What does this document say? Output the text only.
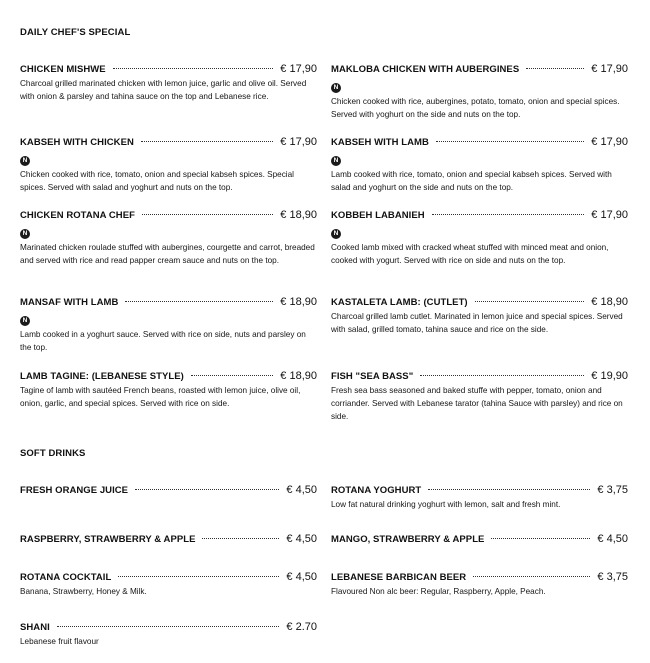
DAILY CHEF'S SPECIAL
CHICKEN MISHWE	€ 17,90
Charcoal grilled marinated chicken with lemon juice, garlic and olive oil. Served with onion & parsley and tahina sauce on the top and Lebanese rice.
KABSEH WITH CHICKEN	€ 17,90
N
Chicken cooked with rice, tomato, onion and special kabseh spices. Special spices. Served with salad and yoghurt and nuts on the top.
CHICKEN ROTANA CHEF	€ 18,90
N
Marinated chicken roulade stuffed with aubergines, courgette and carrot, breaded and served with rice and read papper cream sauce and nuts on the top.
MANSAF WITH LAMB	€ 18,90
N
Lamb cooked in a yoghurt sauce. Served with rice on side, nuts and parsley on the top.
LAMB TAGINE: (LEBANESE STYLE)	€ 18,90
Tagine of lamb with sautéed French beans, roasted with lemon juice, olive oil, onion, garlic, and special spices. Served with rice on side.
MAKLOBA CHICKEN WITH AUBERGINES	€ 17,90
N
Chicken cooked with rice, aubergines, potato, tomato, onion and special spices. Served with yoghurt on the side and nuts on the top.
KABSEH WITH LAMB	€ 17,90
N
Lamb cooked with rice, tomato, onion and special kabseh spices. Served with salad and yoghurt on the side and nuts on the top.
KOBBEH LABANIEH	€ 17,90
N
Cooked lamb mixed with cracked wheat stuffed with minced meat and onion, cooked with yogurt. Served with rice on side and nuts on the top.
KASTALETA LAMB: (CUTLET)	€ 18,90
Charcoal grilled lamb cutlet. Marinated in lemon juice and special spices. Served with salad, grilled tomato, tahina sauce and rice on the side.
FISH "SEA BASS"	€ 19,90
Fresh sea bass seasoned and baked stuffe with pepper, tomato, onion and corriander. Served with Lebanese tarator (tahina Sauce with parsley) and rice on side.
SOFT DRINKS
FRESH ORANGE JUICE	€ 4,50
RASPBERRY, STRAWBERRY & APPLE	€ 4,50
ROTANA COCKTAIL	€ 4,50
Banana, Strawberry, Honey & Milk.
SHANI	€ 2.70
Lebanese fruit flavour
ROTANA YOGHURT	€ 3,75
Low fat natural drinking yoghurt with lemon, salt and fresh mint.
MANGO, STRAWBERRY & APPLE	€ 4,50
LEBANESE BARBICAN BEER	€ 3,75
Flavoured Non alc beer: Regular, Raspberry, Apple, Peach.
